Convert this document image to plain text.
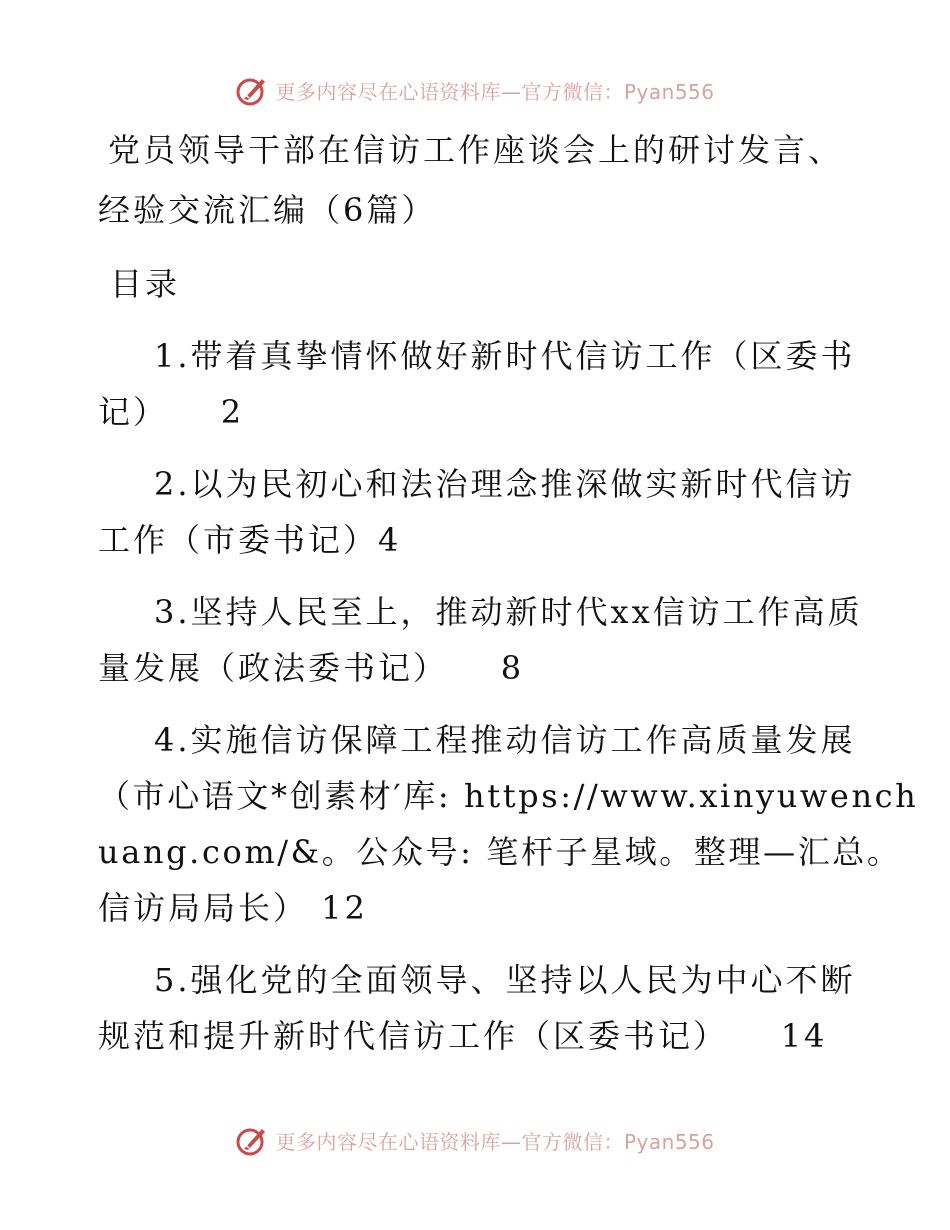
更多内容尽在心语资料库—官方微信：Pyan556
党员领导干部在信访工作座谈会上的研讨发言、
经验交流汇编（6篇）
目录
1.带着真挚情怀做好新时代信访工作（区委书
记）    2
2.以为民初心和法治理念推深做实新时代信访
工作（市委书记）4
3.坚持人民至上，推动新时代xx信访工作高质
量发展（政法委书记）    8
4.实施信访保障工程推动信访工作高质量发展
（市心语文*创素材′库: https://www.xinyuwench
uang.com/&。公众号: 笔杆子星域。整理—汇总。
信访局局长） 12
5.强化党的全面领导、坚持以人民为中心不断
规范和提升新时代信访工作（区委书记）    14
更多内容尽在心语资料库—官方微信：Pyan556
